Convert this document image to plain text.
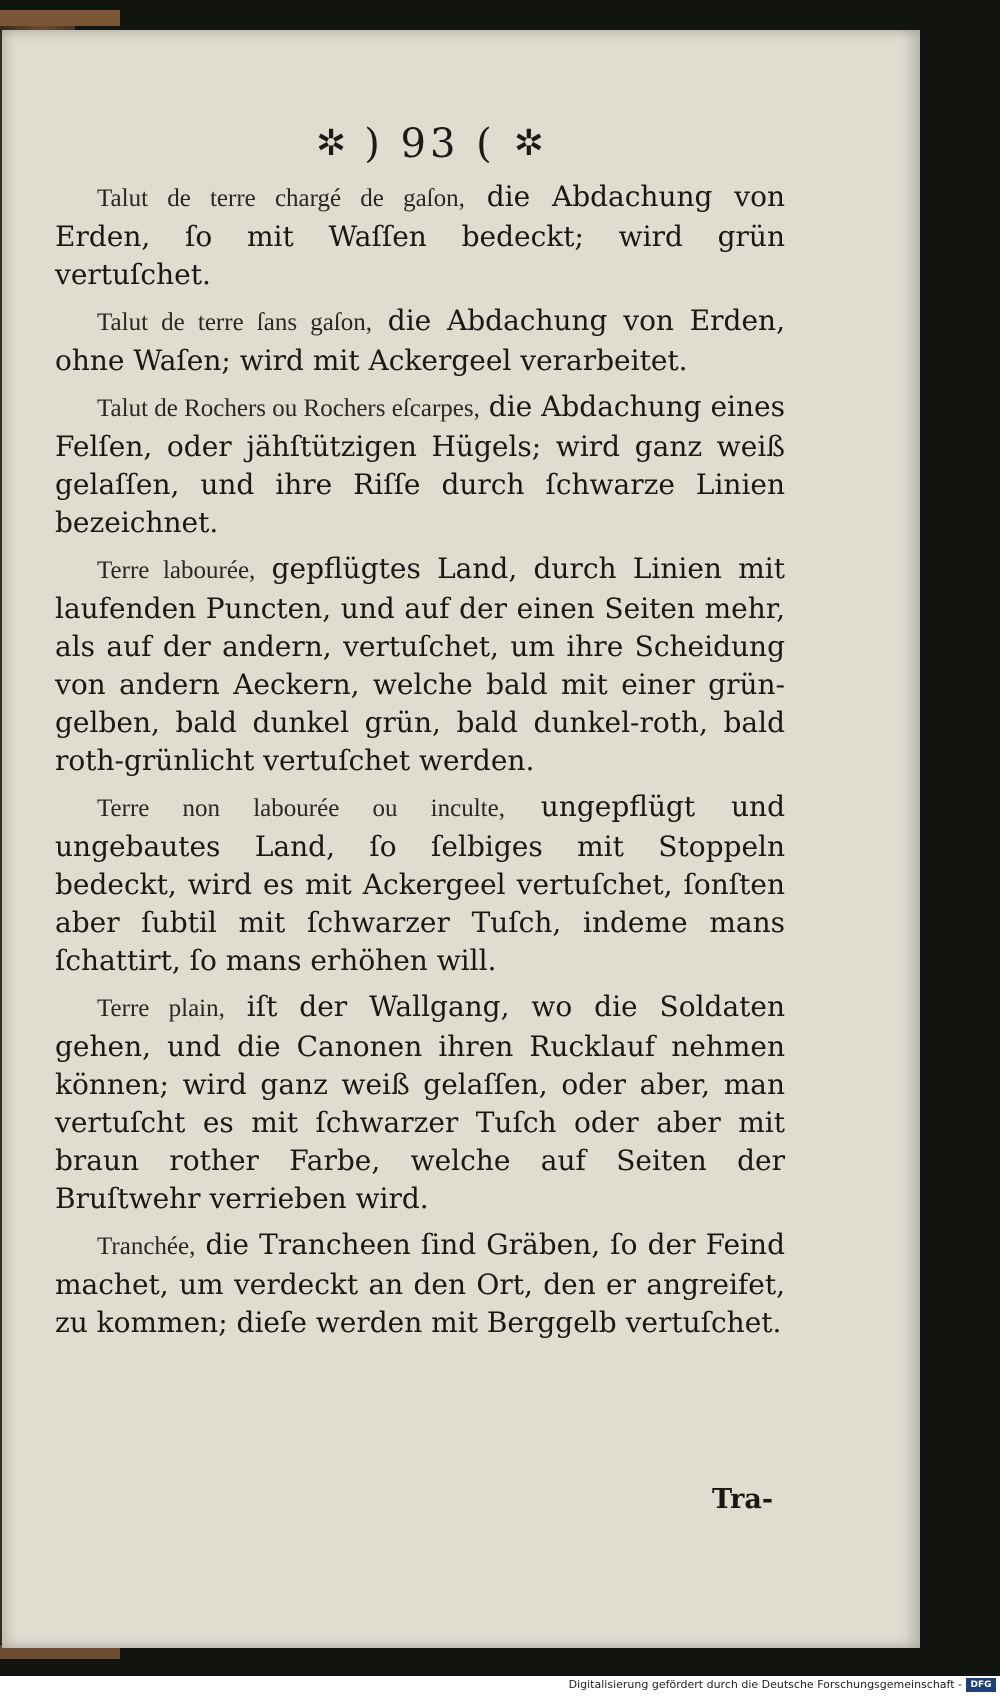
✲ ) 93 ( ✲

Talut de terre chargé de gaſon, die Abdachung von Erden, ſo mit Waſſen bedeckt; wird grün vertuſchet.

Talut de terre ſans gaſon, die Abdachung von Erden, ohne Waſen; wird mit Ackergeel verarbeitet.

Talut de Rochers ou Rochers eſcarpes, die Abdachung eines Felſen, oder jähſtützigen Hügels; wird ganz weiß gelaſſen, und ihre Riſſe durch ſchwarze Linien bezeichnet.

Terre labourée, gepflügtes Land, durch Linien mit laufenden Puncten, und auf der einen Seiten mehr, als auf der andern, vertuſchet, um ihre Scheidung von andern Aeckern, welche bald mit einer grün-gelben, bald dunkel grün, bald dunkel-roth, bald roth-grünlicht vertuſchet werden.

Terre non labourée ou inculte, ungepflügt und ungebautes Land, ſo ſelbiges mit Stoppeln bedeckt, wird es mit Ackergeel vertuſchet, ſonſten aber ſubtil mit ſchwarzer Tuſch, indeme mans ſchattirt, ſo mans erhöhen will.

Terre plain, iſt der Wallgang, wo die Soldaten gehen, und die Canonen ihren Rucklauf nehmen können; wird ganz weiß gelaſſen, oder aber, man vertuſcht es mit ſchwarzer Tuſch oder aber mit braun rother Farbe, welche auf Seiten der Bruſtwehr verrieben wird.

Tranchée, die Trancheen ſind Gräben, ſo der Feind machet, um verdeckt an den Ort, den er angreifet, zu kommen; dieſe werden mit Berggelb vertuſchet.

Tra-
Digitalisierung gefördert durch die Deutsche Forschungsgemeinschaft - DFG
